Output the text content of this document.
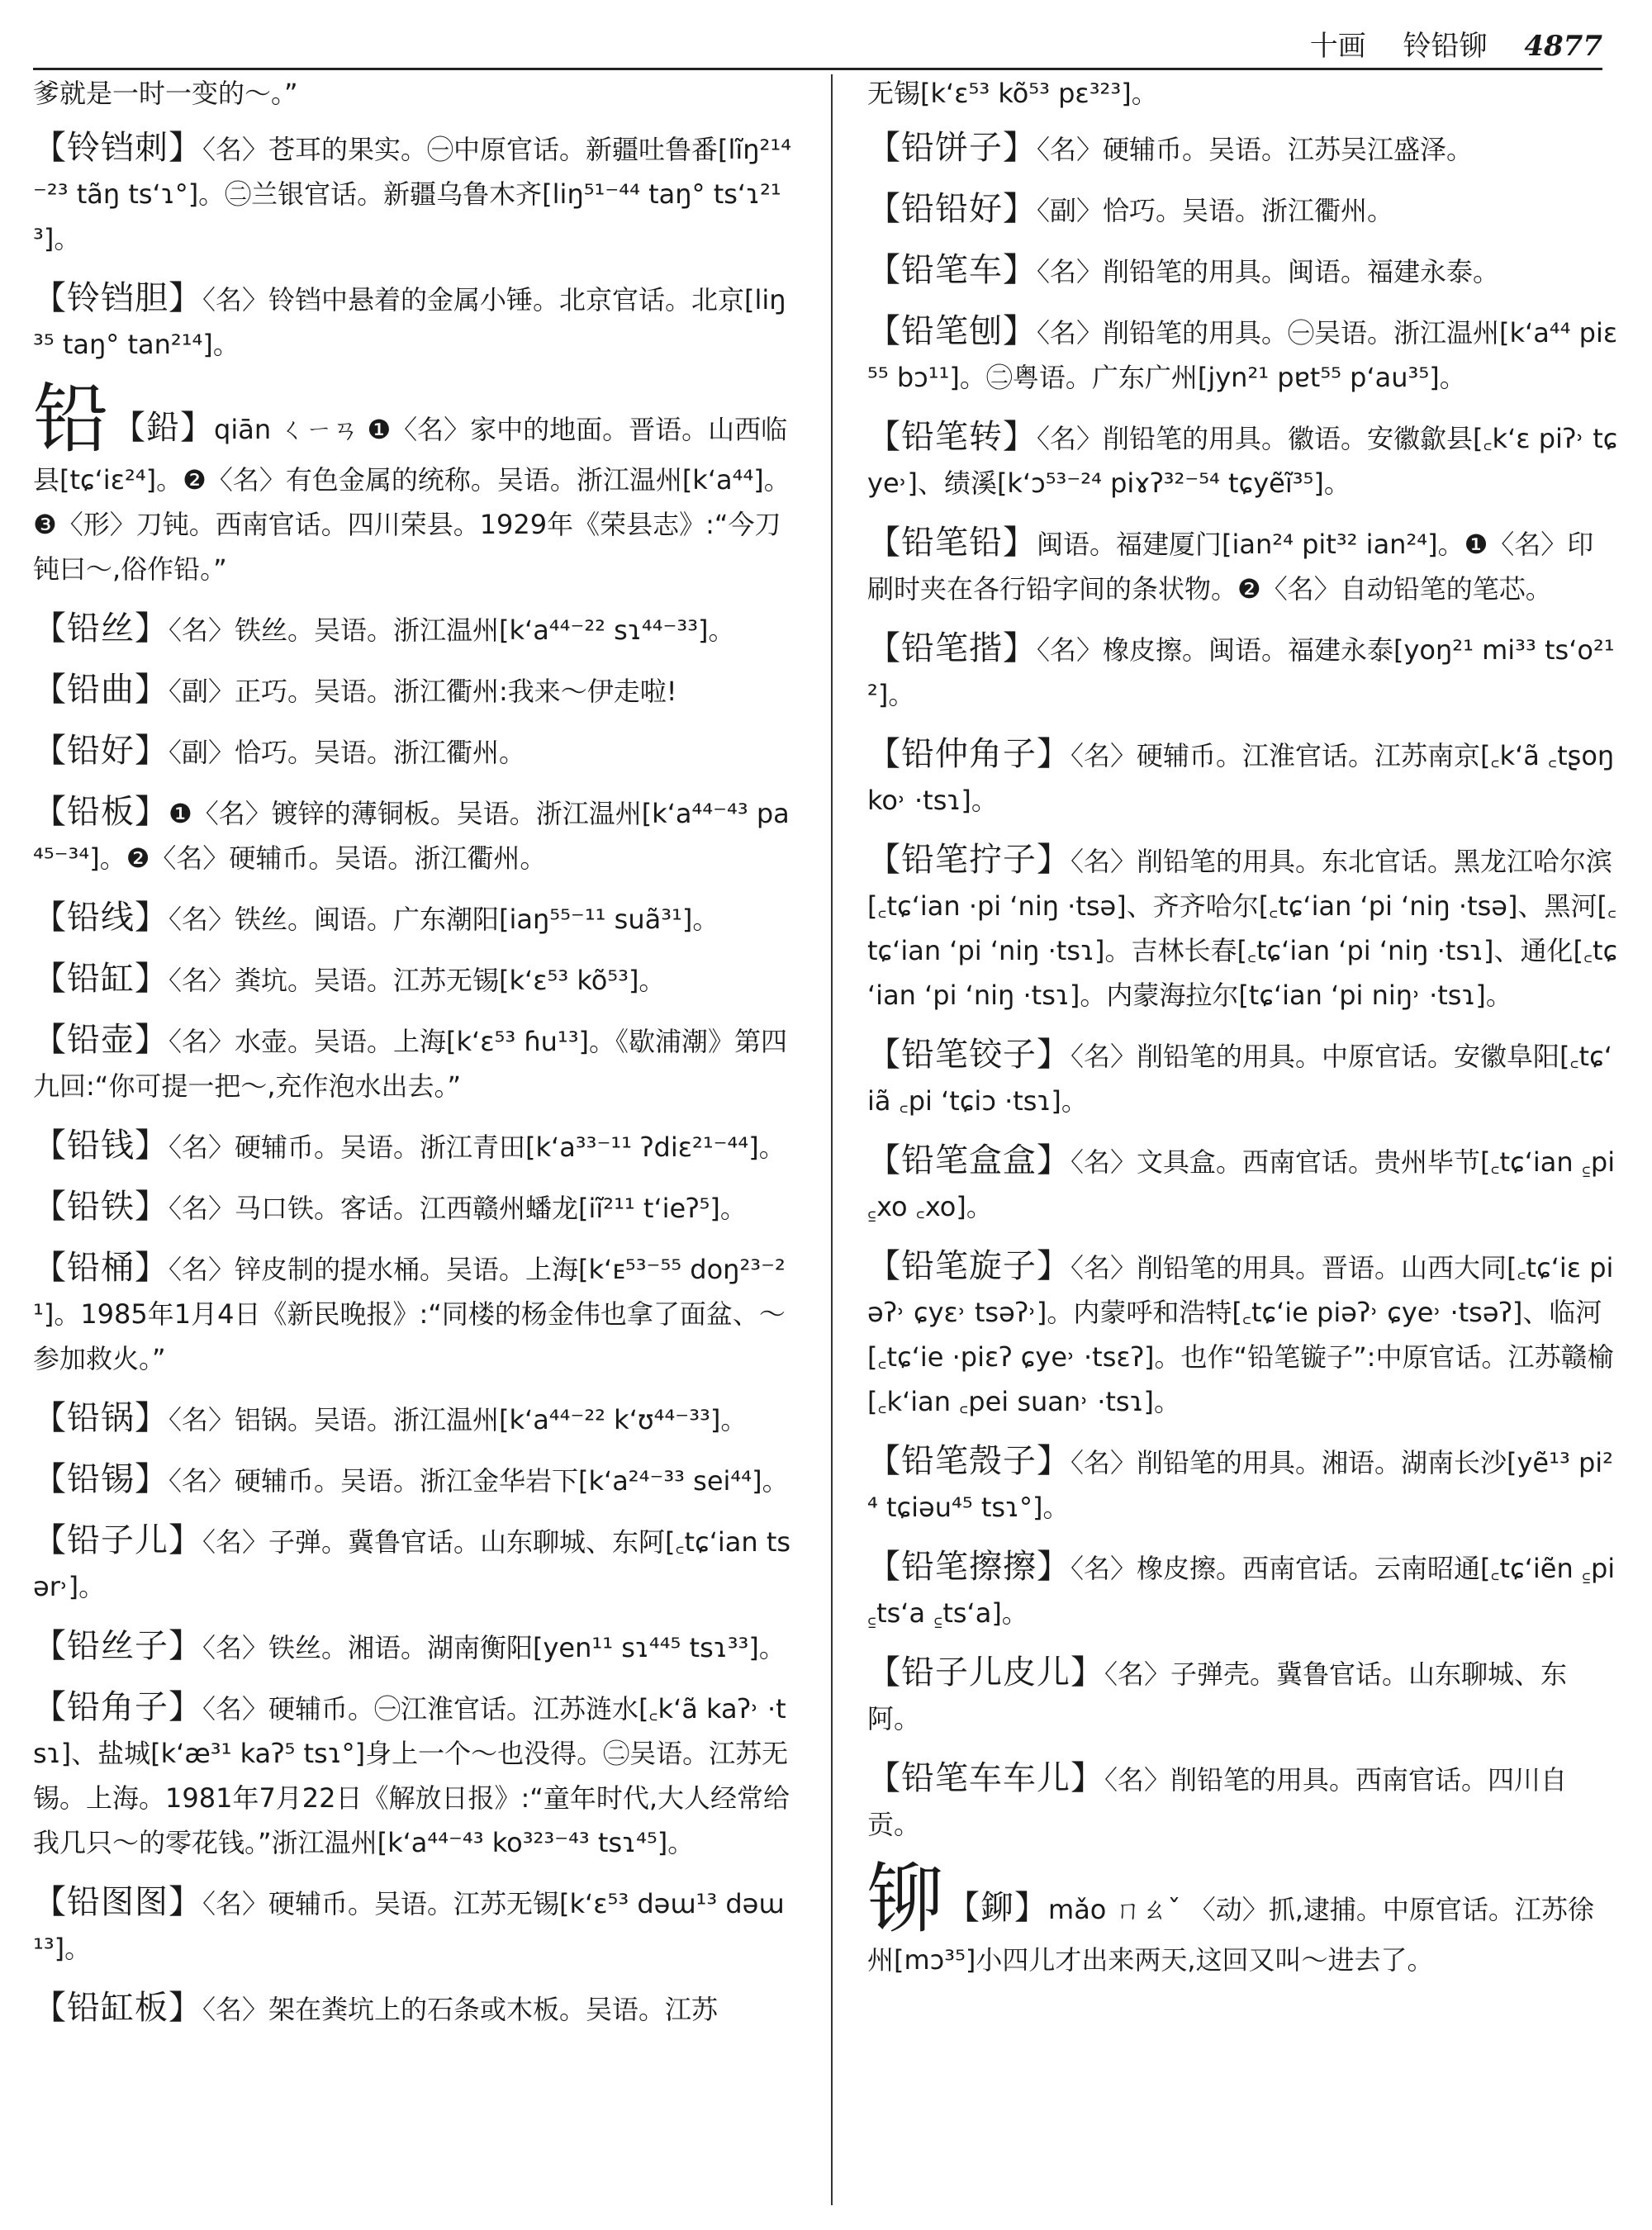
十画 铃铅铆 4877
爹就是一时一变的～。”
【铃铛刺】〈名〉苍耳的果实。㊀中原官话。新疆吐鲁番[lĩŋ²¹⁴⁻²³ tãŋ tsʻɿ°]。㊁兰银官话。新疆乌鲁木齐[liŋ⁵¹⁻⁴⁴ taŋ° tsʻɿ²¹³]。
【铃铛胆】〈名〉铃铛中悬着的金属小锤。北京官话。北京[liŋ³⁵ taŋ° tan²¹⁴]。
铅 【鉛】qiān ㄑㄧㄢ ❶〈名〉家中的地面。晋语。山西临县[tɕʻiɛ²⁴]。❷〈名〉有色金属的统称。吴语。浙江温州[kʻa⁴⁴]。❸〈形〉刀钝。西南官话。四川荣县。1929年《荣县志》:“今刀钝曰～,俗作铅。”
【铅丝】〈名〉铁丝。吴语。浙江温州[kʻa⁴⁴⁻²² sɿ⁴⁴⁻³³]。
【铅曲】〈副〉正巧。吴语。浙江衢州:我来～伊走啦!
【铅好】〈副〉恰巧。吴语。浙江衢州。
【铅板】❶〈名〉镀锌的薄铜板。吴语。浙江温州[kʻa⁴⁴⁻⁴³ pa⁴⁵⁻³⁴]。❷〈名〉硬辅币。吴语。浙江衢州。
【铅线】〈名〉铁丝。闽语。广东潮阳[iaŋ⁵⁵⁻¹¹ suã³¹]。
【铅缸】〈名〉粪坑。吴语。江苏无锡[kʻɛ⁵³ kõ⁵³]。
【铅壶】〈名〉水壶。吴语。上海[kʻɛ⁵³ ɦu¹³]。《歇浦潮》第四九回:“你可提一把～,充作泡水出去。”
【铅钱】〈名〉硬辅币。吴语。浙江青田[kʻa³³⁻¹¹ ʔdiɛ²¹⁻⁴⁴]。
【铅铁】〈名〉马口铁。客话。江西赣州蟠龙[iĩ²¹¹ tʻieʔ⁵]。
【铅桶】〈名〉锌皮制的提水桶。吴语。上海[kʻᴇ⁵³⁻⁵⁵ doŋ²³⁻²¹]。1985年1月4日《新民晚报》:“同楼的杨金伟也拿了面盆、～参加救火。”
【铅锅】〈名〉铝锅。吴语。浙江温州[kʻa⁴⁴⁻²² kʻʊ⁴⁴⁻³³]。
【铅锡】〈名〉硬辅币。吴语。浙江金华岩下[kʻa²⁴⁻³³ sei⁴⁴]。
【铅子儿】〈名〉子弹。冀鲁官话。山东聊城、东阿[꜀tɕʻian tsər˒]。
【铅丝子】〈名〉铁丝。湘语。湖南衡阳[yen¹¹ sɿ⁴⁴⁵ tsɿ³³]。
【铅角子】〈名〉硬辅币。㊀江淮官话。江苏涟水[꜀kʻã kaʔ˒ ·tsɿ]、盐城[kʻæ³¹ kaʔ⁵ tsɿ°]身上一个～也没得。㊁吴语。江苏无锡。上海。1981年7月22日《解放日报》:“童年时代,大人经常给我几只～的零花钱。”浙江温州[kʻa⁴⁴⁻⁴³ ko³²³⁻⁴³ tsɿ⁴⁵]。
【铅图图】〈名〉硬辅币。吴语。江苏无锡[kʻɛ⁵³ dəɯ¹³ dəɯ¹³]。
【铅缸板】〈名〉架在粪坑上的石条或木板。吴语。江苏
无锡[kʻɛ⁵³ kõ⁵³ pɛ³²³]。
【铅饼子】〈名〉硬辅币。吴语。江苏吴江盛泽。
【铅铅好】〈副〉恰巧。吴语。浙江衢州。
【铅笔车】〈名〉削铅笔的用具。闽语。福建永泰。
【铅笔刨】〈名〉削铅笔的用具。㊀吴语。浙江温州[kʻa⁴⁴ piɛ⁵⁵ bɔ¹¹]。㊁粤语。广东广州[jyn²¹ pɐt⁵⁵ pʻau³⁵]。
【铅笔转】〈名〉削铅笔的用具。徽语。安徽歙县[꜀kʻɛ piʔ˒ tɕye˒]、绩溪[kʻɔ⁵³⁻²⁴ piɤʔ³²⁻⁵⁴ tɕyẽĩ³⁵]。
【铅笔铅】闽语。福建厦门[ian²⁴ pit³² ian²⁴]。❶〈名〉印刷时夹在各行铅字间的条状物。❷〈名〉自动铅笔的笔芯。
【铅笔揩】〈名〉橡皮擦。闽语。福建永泰[yoŋ²¹ mi³³ tsʻo²¹²]。
【铅仲角子】〈名〉硬辅币。江淮官话。江苏南京[꜀kʻã ꜀tʂoŋ ko˒ ·tsɿ]。
【铅笔拧子】〈名〉削铅笔的用具。东北官话。黑龙江哈尔滨[꜀tɕʻian ·pi ʻniŋ ·tsə]、齐齐哈尔[꜀tɕʻian ʻpi ʻniŋ ·tsə]、黑河[꜀tɕʻian ʻpi ʻniŋ ·tsɿ]。吉林长春[꜀tɕʻian ʻpi ʻniŋ ·tsɿ]、通化[꜀tɕʻian ʻpi ʻniŋ ·tsɿ]。内蒙海拉尔[tɕʻian ʻpi niŋ˒ ·tsɿ]。
【铅笔铰子】〈名〉削铅笔的用具。中原官话。安徽阜阳[꜀tɕʻiã ꜀pi ʻtɕiɔ ·tsɿ]。
【铅笔盒盒】〈名〉文具盒。西南官话。贵州毕节[꜀tɕʻian ꜁pi ꜁xo ꜀xo]。
【铅笔旋子】〈名〉削铅笔的用具。晋语。山西大同[꜀tɕʻiɛ piəʔ˒ ɕyɛ˒ tsəʔ˒]。内蒙呼和浩特[꜀tɕʻie piəʔ˒ ɕye˒ ·tsəʔ]、临河[꜀tɕʻie ·piɛʔ ɕye˒ ·tsɛʔ]。也作“铅笔镟子”:中原官话。江苏赣榆[꜀kʻian ꜀pei suan˒ ·tsɿ]。
【铅笔殼子】〈名〉削铅笔的用具。湘语。湖南长沙[yẽ¹³ pi²⁴ tɕiəu⁴⁵ tsɿ°]。
【铅笔擦擦】〈名〉橡皮擦。西南官话。云南昭通[꜀tɕʻiẽn ꜁pi ꜁tsʻa ꜁tsʻa]。
【铅子儿皮儿】〈名〉子弹壳。冀鲁官话。山东聊城、东阿。
【铅笔车车儿】〈名〉削铅笔的用具。西南官话。四川自贡。
铆 【鉚】mǎo ㄇㄠˇ 〈动〉抓,逮捕。中原官话。江苏徐州[mɔ³⁵]小四儿才出来两天,这回又叫～进去了。
